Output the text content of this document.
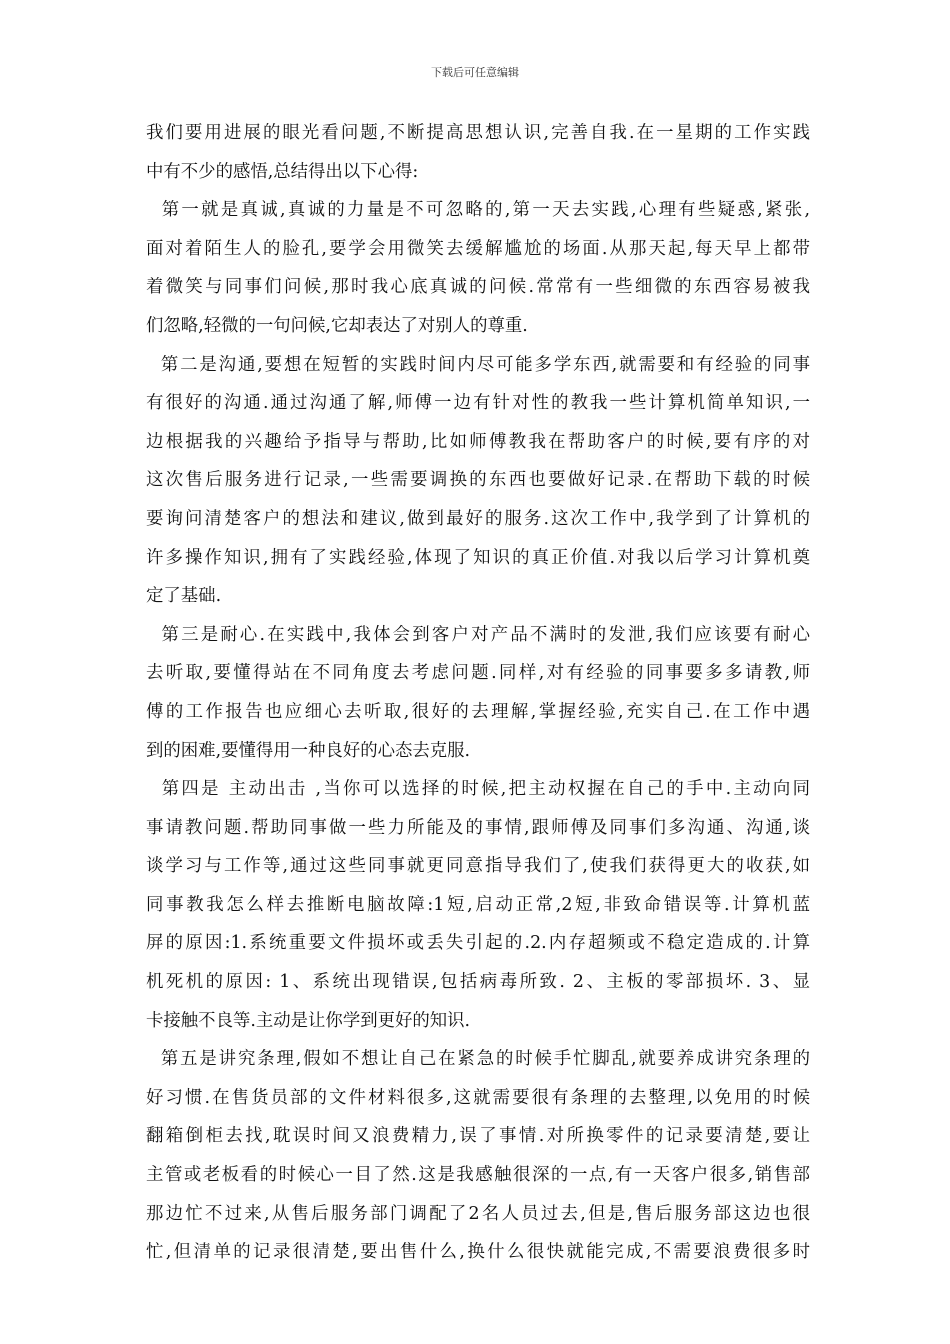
下载后可任意编辑
我们要用进展的眼光看问题,不断提高思想认识,完善自我.在一星期的工作实践
中有不少的感悟,总结得出以下心得:
第一就是真诚,真诚的力量是不可忽略的,第一天去实践,心理有些疑惑,紧张,
面对着陌生人的脸孔,要学会用微笑去缓解尴尬的场面.从那天起,每天早上都带
着微笑与同事们问候,那时我心底真诚的问候.常常有一些细微的东西容易被我
们忽略,轻微的一句问候,它却表达了对别人的尊重.
第二是沟通,要想在短暂的实践时间内尽可能多学东西,就需要和有经验的同事
有很好的沟通.通过沟通了解,师傅一边有针对性的教我一些计算机简单知识,一
边根据我的兴趣给予指导与帮助,比如师傅教我在帮助客户的时候,要有序的对
这次售后服务进行记录,一些需要调换的东西也要做好记录.在帮助下载的时候
要询问清楚客户的想法和建议,做到最好的服务.这次工作中,我学到了计算机的
许多操作知识,拥有了实践经验,体现了知识的真正价值.对我以后学习计算机奠
定了基础.
第三是耐心.在实践中,我体会到客户对产品不满时的发泄,我们应该要有耐心
去听取,要懂得站在不同角度去考虑问题.同样,对有经验的同事要多多请教,师
傅的工作报告也应细心去听取,很好的去理解,掌握经验,充实自己.在工作中遇
到的困难,要懂得用一种良好的心态去克服.
第四是 主动出击 ,当你可以选择的时候,把主动权握在自己的手中.主动向同
事请教问题.帮助同事做一些力所能及的事情,跟师傅及同事们多沟通、沟通,谈
谈学习与工作等,通过这些同事就更同意指导我们了,使我们获得更大的收获,如
同事教我怎么样去推断电脑故障:1短,启动正常,2短,非致命错误等.计算机蓝
屏的原因:1.系统重要文件损坏或丢失引起的.2.内存超频或不稳定造成的.计算
机死机的原因: 1、系统出现错误,包括病毒所致. 2、主板的零部损坏. 3、显
卡接触不良等.主动是让你学到更好的知识.
第五是讲究条理,假如不想让自己在紧急的时候手忙脚乱,就要养成讲究条理的
好习惯.在售货员部的文件材料很多,这就需要很有条理的去整理,以免用的时候
翻箱倒柜去找,耽误时间又浪费精力,误了事情.对所换零件的记录要清楚,要让
主管或老板看的时候心一目了然.这是我感触很深的一点,有一天客户很多,销售部
那边忙不过来,从售后服务部门调配了2名人员过去,但是,售后服务部这边也很
忙,但清单的记录很清楚,要出售什么,换什么很快就能完成,不需要浪费很多时
